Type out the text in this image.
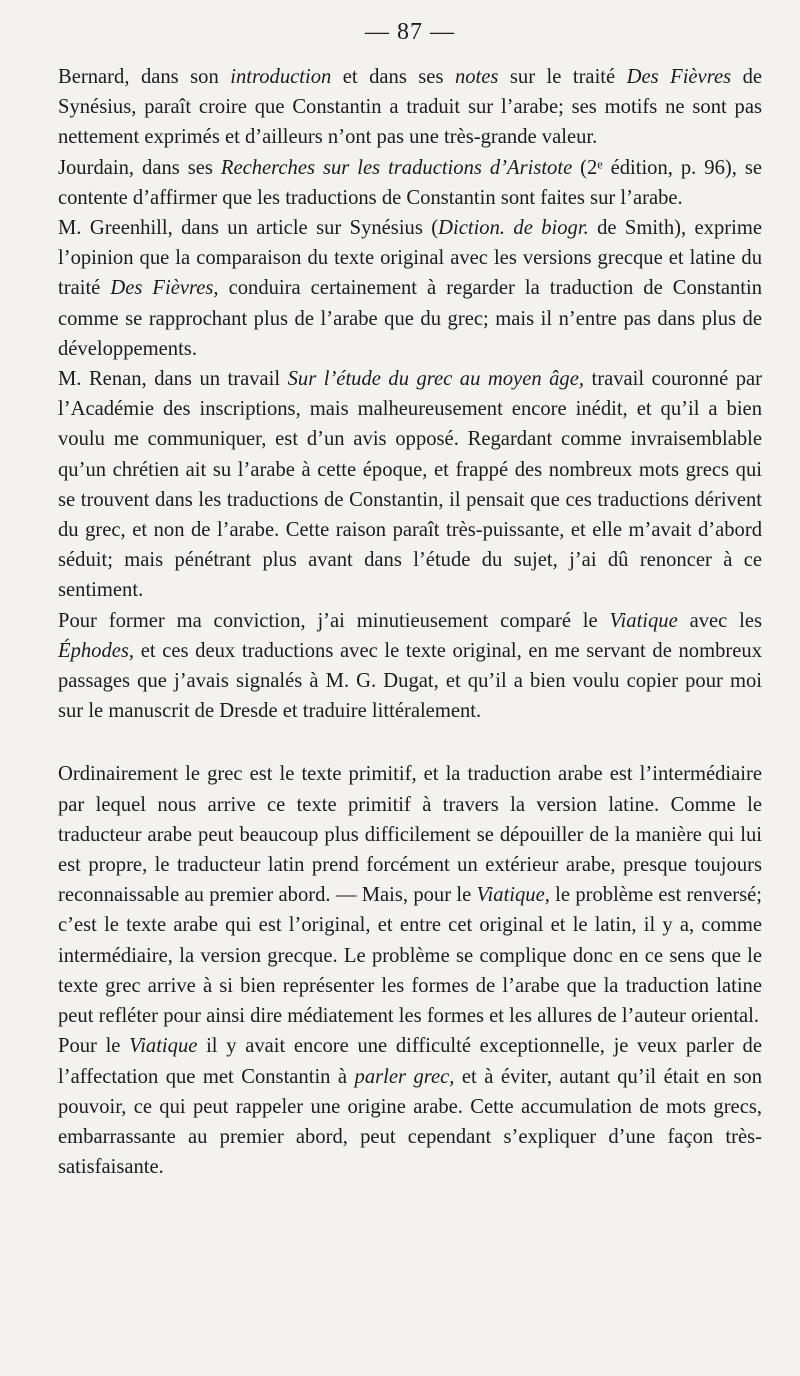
— 87 —

Bernard, dans son introduction et dans ses notes sur le traité Des Fièvres de Synésius, paraît croire que Constantin a traduit sur l’arabe; ses motifs ne sont pas nettement exprimés et d’ailleurs n’ont pas une très-grande valeur.

Jourdain, dans ses Recherches sur les traductions d’Aristote (2ᵉ édition, p. 96), se contente d’affirmer que les traductions de Constantin sont faites sur l’arabe.

M. Greenhill, dans un article sur Synésius (Diction. de biogr. de Smith), exprime l’opinion que la comparaison du texte original avec les versions grecque et latine du traité Des Fièvres, conduira certainement à regarder la traduction de Constantin comme se rapprochant plus de l’arabe que du grec; mais il n’entre pas dans plus de développements.

M. Renan, dans un travail Sur l’étude du grec au moyen âge, travail couronné par l’Académie des inscriptions, mais malheureusement encore inédit, et qu’il a bien voulu me communiquer, est d’un avis opposé. Regardant comme invraisemblable qu’un chrétien ait su l’arabe à cette époque, et frappé des nombreux mots grecs qui se trouvent dans les traductions de Constantin, il pensait que ces traductions dérivent du grec, et non de l’arabe. Cette raison paraît très-puissante, et elle m’avait d’abord séduit; mais pénétrant plus avant dans l’étude du sujet, j’ai dû renoncer à ce sentiment.

Pour former ma conviction, j’ai minutieusement comparé le Viatique avec les Éphodes, et ces deux traductions avec le texte original, en me servant de nombreux passages que j’avais signalés à M. G. Dugat, et qu’il a bien voulu copier pour moi sur le manuscrit de Dresde et traduire littéralement.

Ordinairement le grec est le texte primitif, et la traduction arabe est l’intermédiaire par lequel nous arrive ce texte primitif à travers la version latine. Comme le traducteur arabe peut beaucoup plus difficilement se dépouiller de la manière qui lui est propre, le traducteur latin prend forcément un extérieur arabe, presque toujours reconnaissable au premier abord. — Mais, pour le Viatique, le problème est renversé; c’est le texte arabe qui est l’original, et entre cet original et le latin, il y a, comme intermédiaire, la version grecque. Le problème se complique donc en ce sens que le texte grec arrive à si bien représenter les formes de l’arabe que la traduction latine peut refléter pour ainsi dire médiatement les formes et les allures de l’auteur oriental.

Pour le Viatique il y avait encore une difficulté exceptionnelle, je veux parler de l’affectation que met Constantin à parler grec, et à éviter, autant qu’il était en son pouvoir, ce qui peut rappeler une origine arabe. Cette accumulation de mots grecs, embarrassante au premier abord, peut cependant s’expliquer d’une façon très-satisfaisante.
